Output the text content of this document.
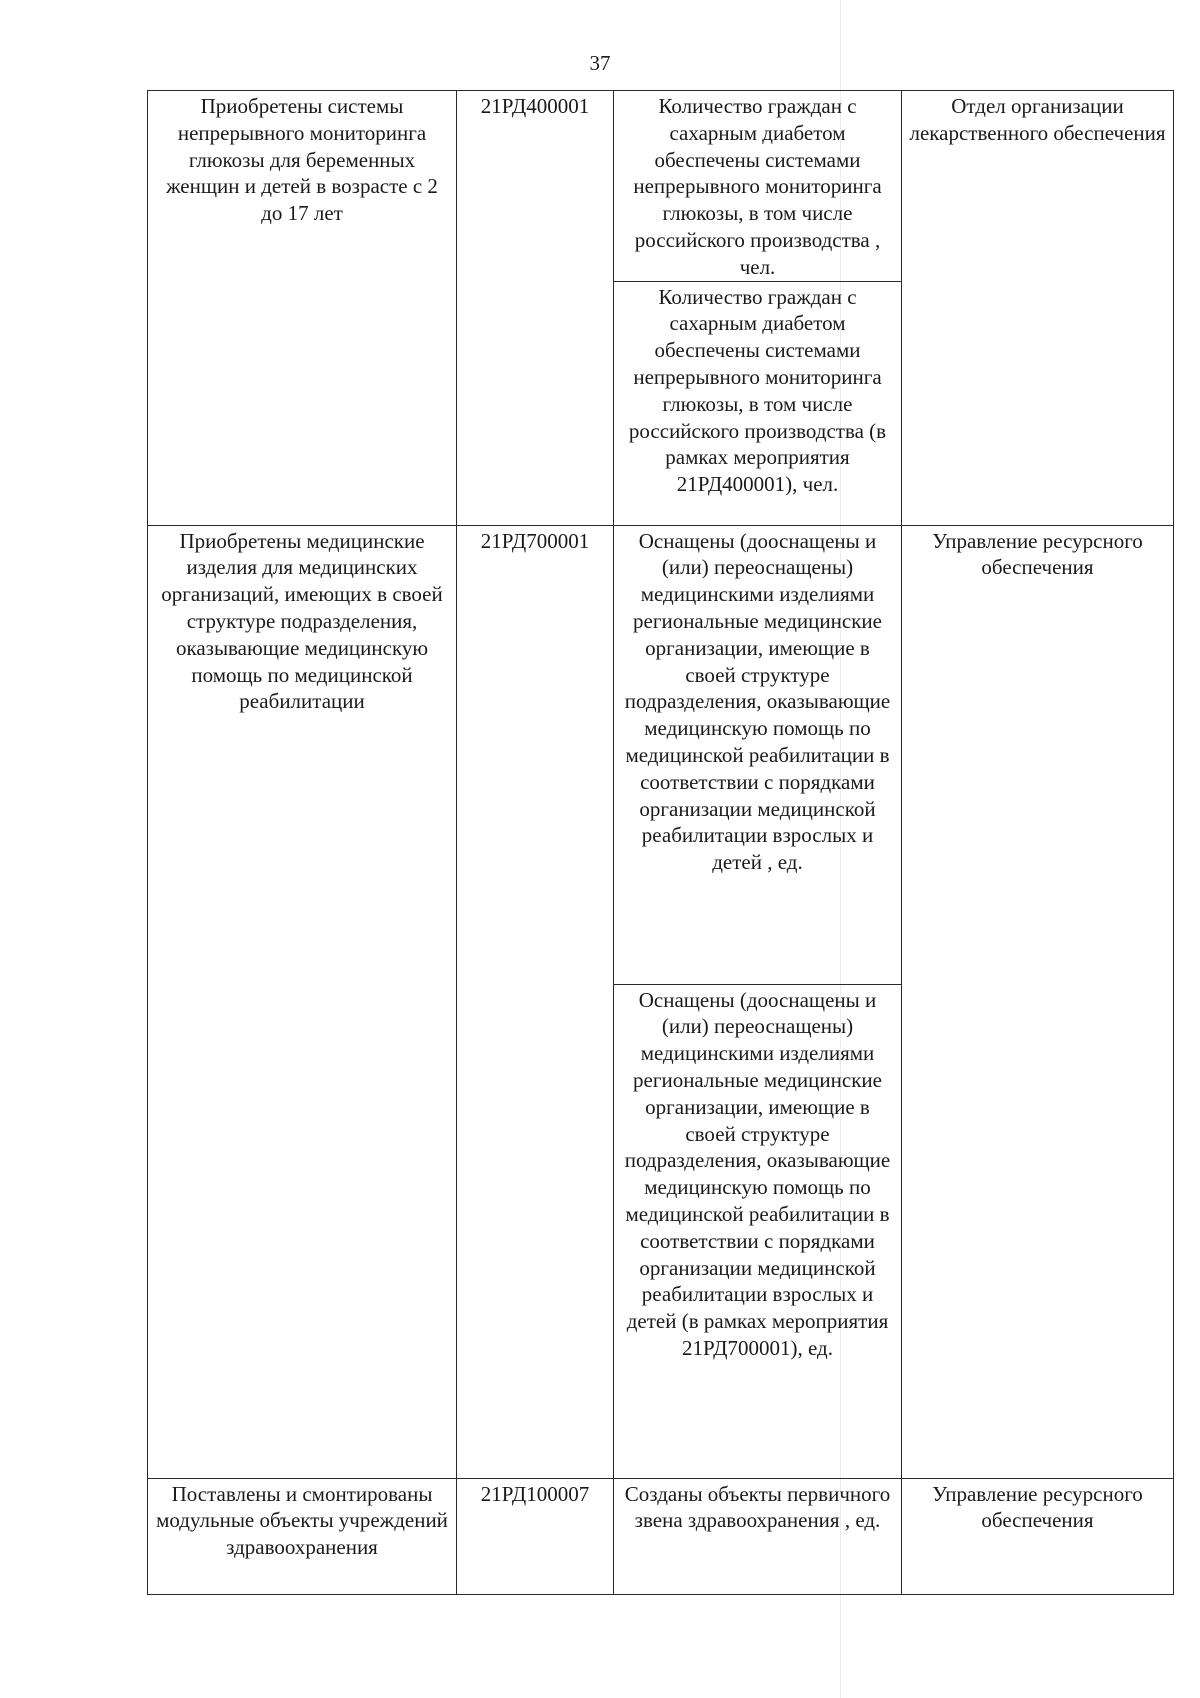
37
Приобретены системы непрерывного мониторинга глюкозы для беременных женщин и детей в возрасте с 2 до 17 лет	21РД400001	Количество граждан с сахарным диабетом обеспечены системами непрерывного мониторинга глюкозы, в том числе российского производства , чел.	Отдел организации лекарственного обеспечения

		Количество граждан с сахарным диабетом обеспечены системами непрерывного мониторинга глюкозы, в том числе российского производства (в рамках мероприятия 21РД400001), чел.	

Приобретены медицинские изделия для медицинских организаций, имеющих в своей структуре подразделения, оказывающие медицинскую помощь по медицинской реабилитации	21РД700001	Оснащены (дооснащены и (или) переоснащены) медицинскими изделиями региональные медицинские организации, имеющие в своей структуре подразделения, оказывающие медицинскую помощь по медицинской реабилитации в соответствии с порядками организации медицинской реабилитации взрослых и детей , ед.	Управление ресурсного обеспечения

		Оснащены (дооснащены и (или) переоснащены) медицинскими изделиями региональные медицинские организации, имеющие в своей структуре подразделения, оказывающие медицинскую помощь по медицинской реабилитации в соответствии с порядками организации медицинской реабилитации взрослых и детей (в рамках мероприятия 21РД700001), ед.	

Поставлены и смонтированы модульные объекты учреждений здравоохранения	21РД100007	Созданы объекты первичного звена здравоохранения , ед.	Управление ресурсного обеспечения
